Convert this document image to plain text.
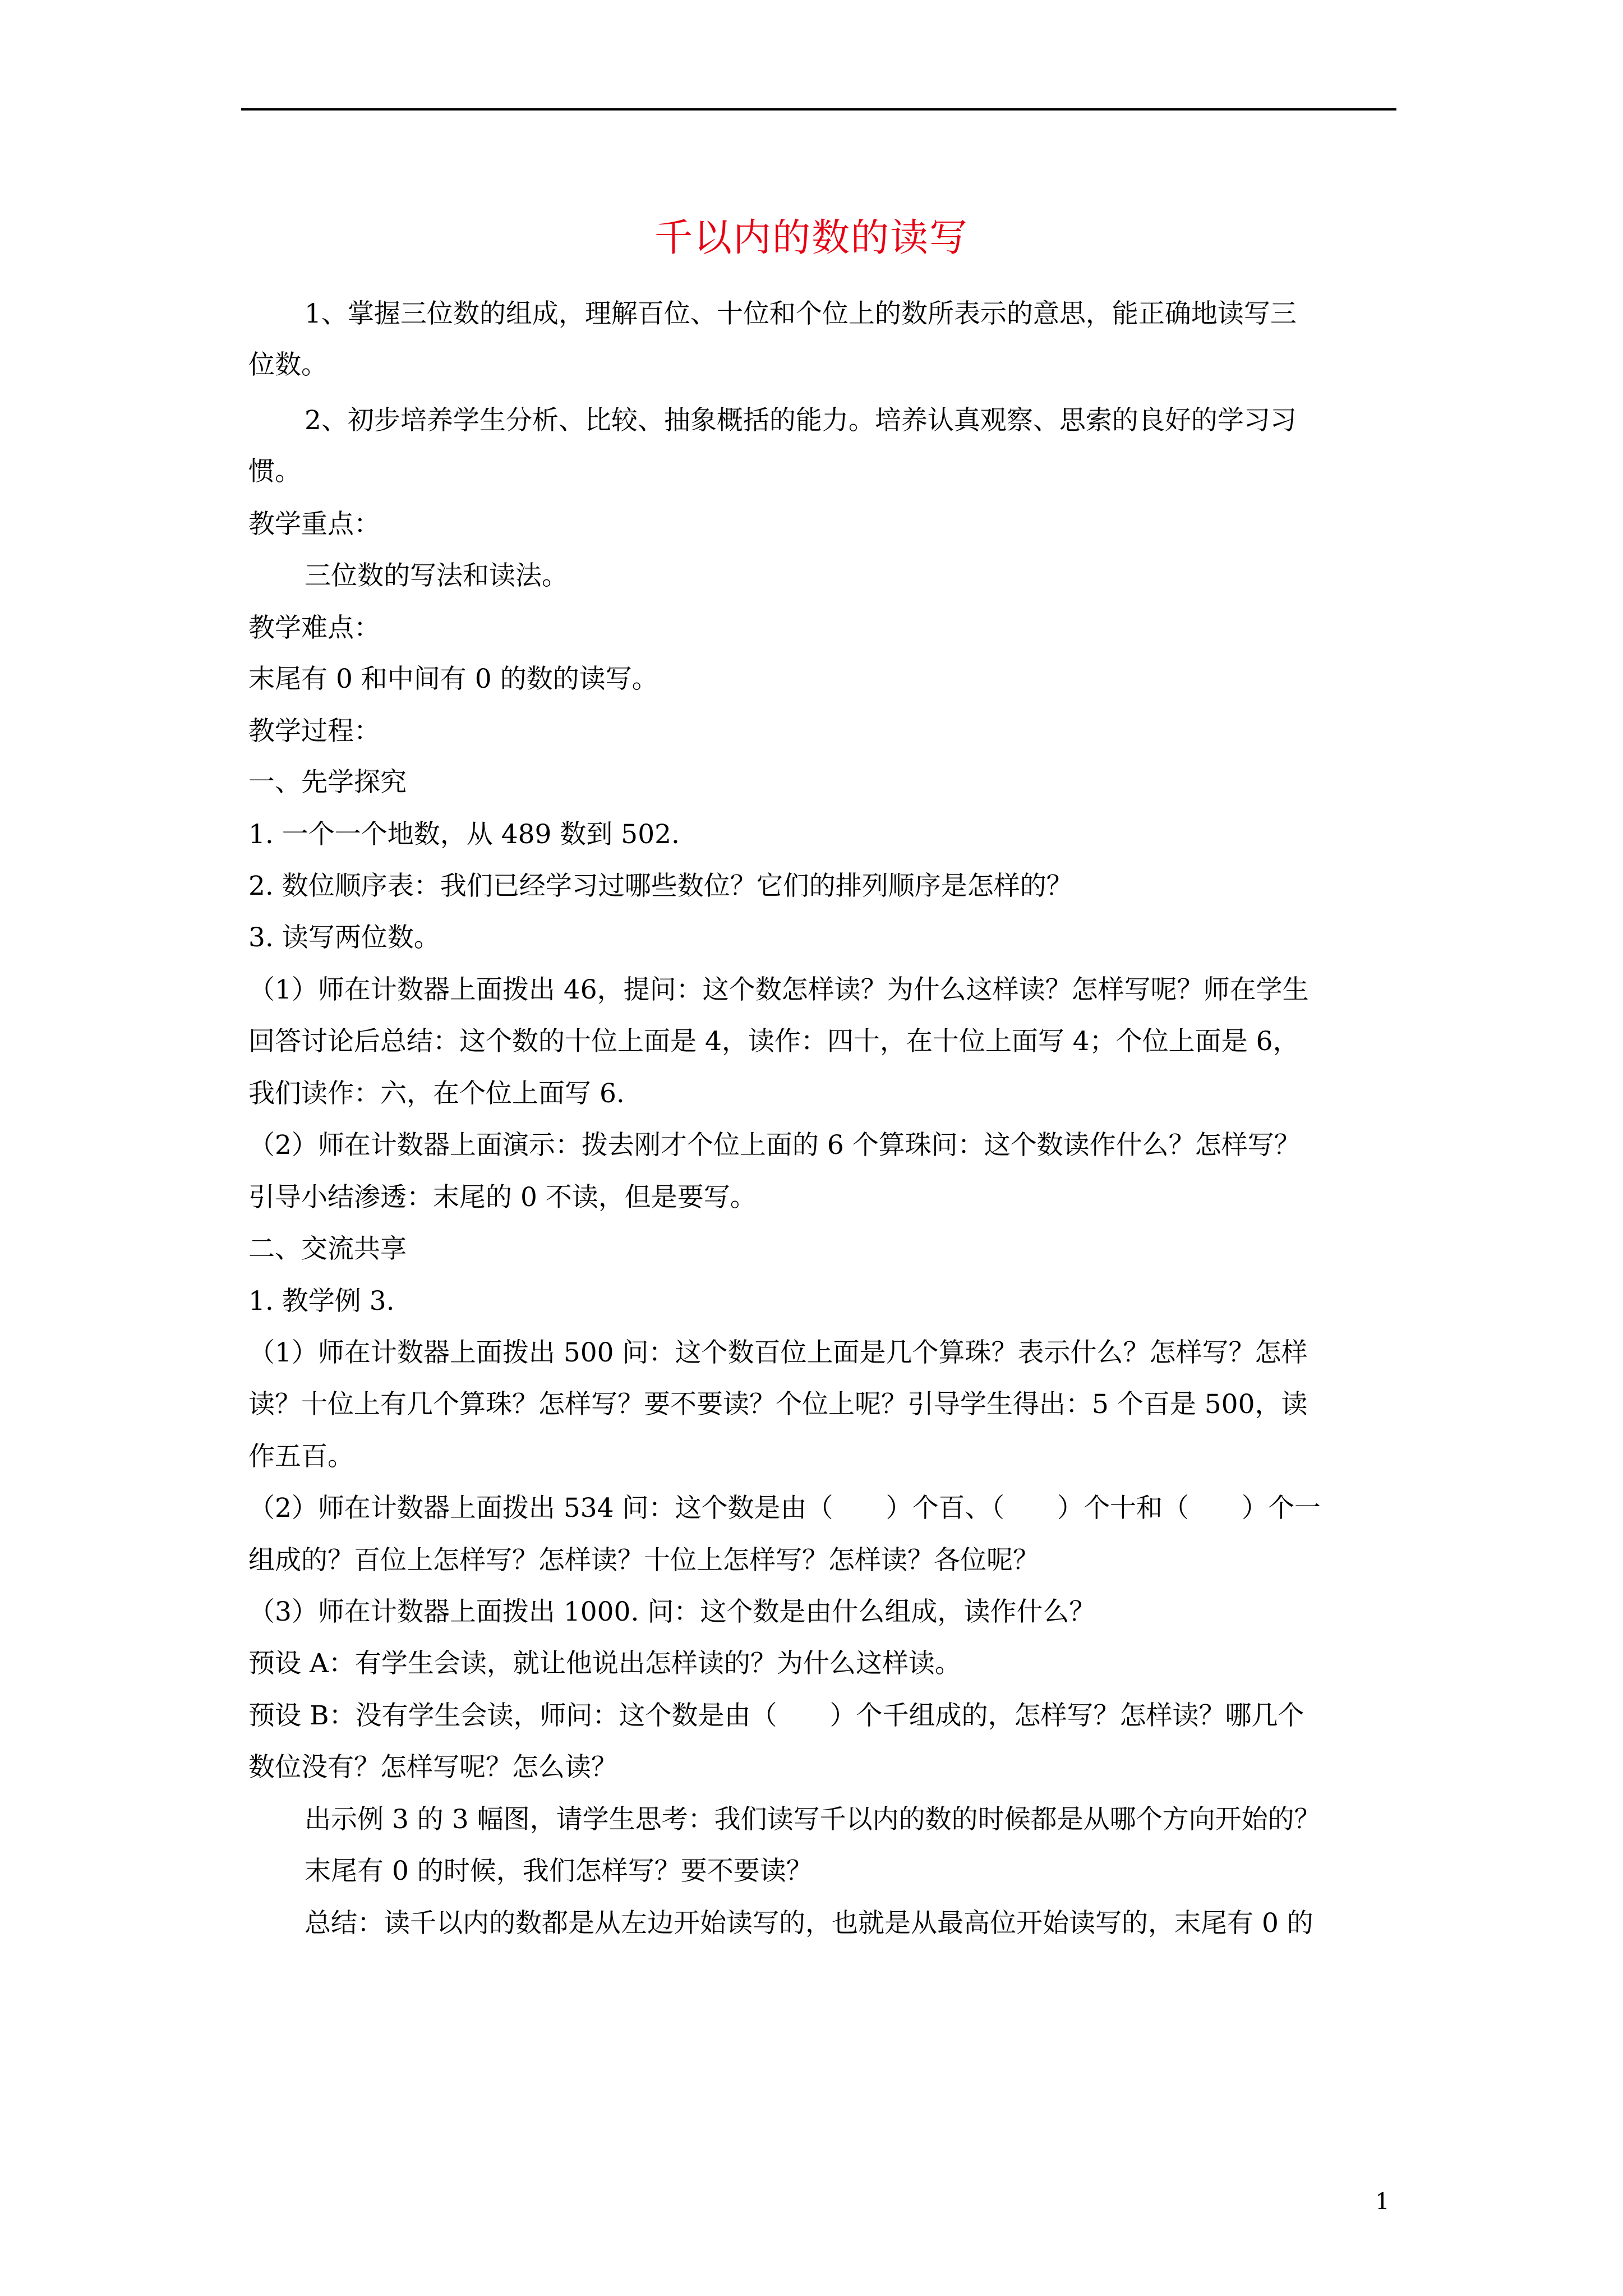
千以内的数的读写
1、掌握三位数的组成，理解百位、十位和个位上的数所表示的意思，能正确地读写三
位数。
2、初步培养学生分析、比较、抽象概括的能力。培养认真观察、思索的良好的学习习
惯。
教学重点：
三位数的写法和读法。
教学难点：
末尾有 0 和中间有 0 的数的读写。
教学过程：
一、先学探究
1. 一个一个地数，从 489 数到 502.
2. 数位顺序表：我们已经学习过哪些数位？它们的排列顺序是怎样的？
3. 读写两位数。
（1）师在计数器上面拨出 46，提问：这个数怎样读？为什么这样读？怎样写呢？师在学生
回答讨论后总结：这个数的十位上面是 4，读作：四十，在十位上面写 4；个位上面是 6，
我们读作：六，在个位上面写 6.
（2）师在计数器上面演示：拨去刚才个位上面的 6 个算珠问：这个数读作什么？怎样写？
引导小结渗透：末尾的 0 不读，但是要写。
二、交流共享
1. 教学例 3.
（1）师在计数器上面拨出 500 问：这个数百位上面是几个算珠？表示什么？怎样写？怎样
读？十位上有几个算珠？怎样写？要不要读？个位上呢？引导学生得出：5 个百是 500，读
作五百。
（2）师在计数器上面拨出 534 问：这个数是由（　　）个百、（　　）个十和（　　）个一
组成的？百位上怎样写？怎样读？十位上怎样写？怎样读？各位呢？
（3）师在计数器上面拨出 1000. 问：这个数是由什么组成，读作什么？
预设 A：有学生会读，就让他说出怎样读的？为什么这样读。
预设 B：没有学生会读，师问：这个数是由（　　）个千组成的，怎样写？怎样读？哪几个
数位没有？怎样写呢？怎么读？
出示例 3 的 3 幅图，请学生思考：我们读写千以内的数的时候都是从哪个方向开始的？
末尾有 0 的时候，我们怎样写？要不要读？
总结：读千以内的数都是从左边开始读写的，也就是从最高位开始读写的，末尾有 0 的
1
